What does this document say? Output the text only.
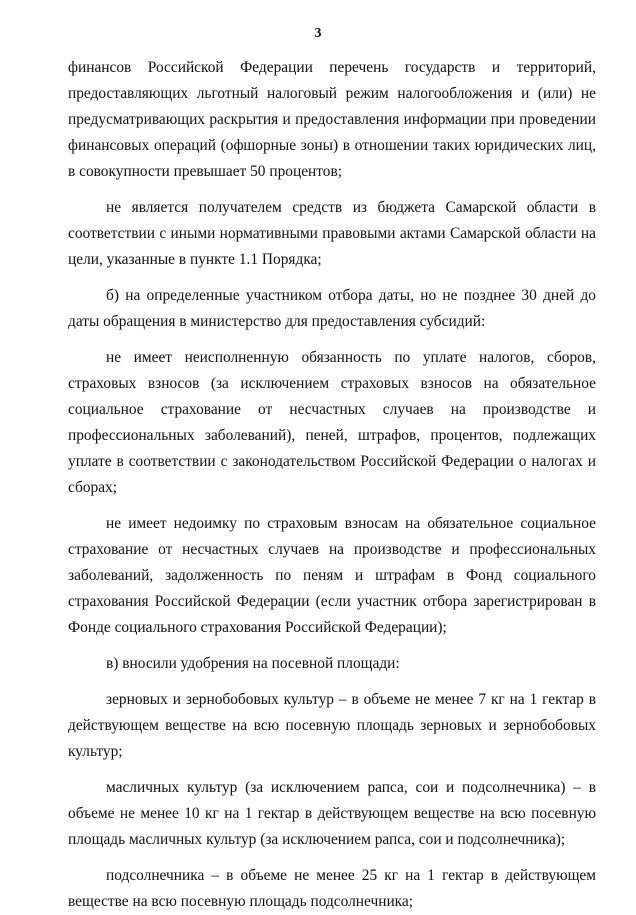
3

финансов Российской Федерации перечень государств и территорий, предоставляющих льготный налоговый режим налогообложения и (или) не предусматривающих раскрытия и предоставления информации при проведении финансовых операций (офшорные зоны) в отношении таких юридических лиц, в совокупности превышает 50 процентов;

не является получателем средств из бюджета Самарской области в соответствии с иными нормативными правовыми актами Самарской области на цели, указанные в пункте 1.1 Порядка;

б) на определенные участником отбора даты, но не позднее 30 дней до даты обращения в министерство для предоставления субсидий:

не имеет неисполненную обязанность по уплате налогов, сборов, страховых взносов (за исключением страховых взносов на обязательное социальное страхование от несчастных случаев на производстве и профессиональных заболеваний), пеней, штрафов, процентов, подлежащих уплате в соответствии с законодательством Российской Федерации о налогах и сборах;

не имеет недоимку по страховым взносам на обязательное социальное страхование от несчастных случаев на производстве и профессиональных заболеваний, задолженность по пеням и штрафам в Фонд социального страхования Российской Федерации (если участник отбора зарегистрирован в Фонде социального страхования Российской Федерации);

в) вносили удобрения на посевной площади:

зерновых и зернобобовых культур – в объеме не менее 7 кг на 1 гектар в действующем веществе на всю посевную площадь зерновых и зернобобовых культур;

масличных культур (за исключением рапса, сои и подсолнечника) – в объеме не менее 10 кг на 1 гектар в действующем веществе на всю посевную площадь масличных культур (за исключением рапса, сои и подсолнечника);

подсолнечника – в объеме не менее 25 кг на 1 гектар в действующем веществе на всю посевную площадь подсолнечника;
